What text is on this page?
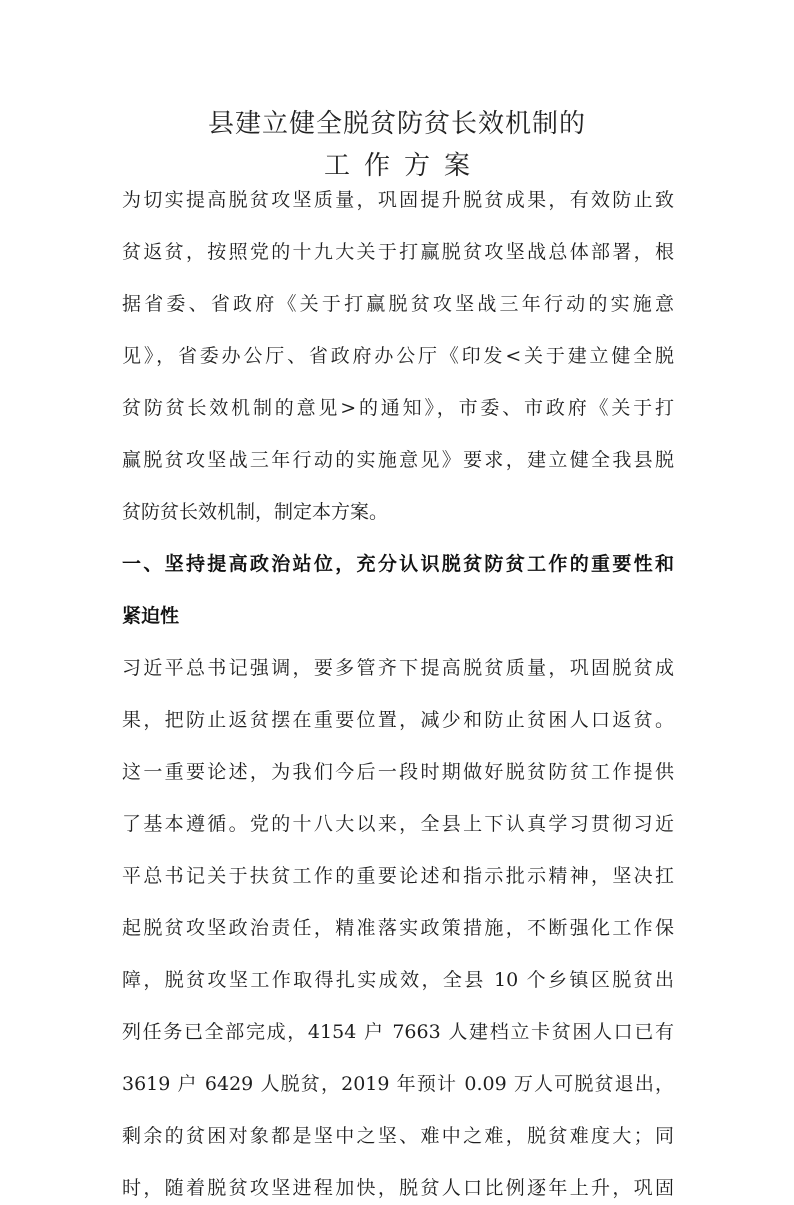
县建立健全脱贫防贫长效机制的
工作方案
为切实提高脱贫攻坚质量，巩固提升脱贫成果，有效防止致
贫返贫，按照党的十九大关于打赢脱贫攻坚战总体部署，根
据省委、省政府《关于打赢脱贫攻坚战三年行动的实施意
见》，省委办公厅、省政府办公厅《印发<关于建立健全脱
贫防贫长效机制的意见>的通知》，市委、市政府《关于打
赢脱贫攻坚战三年行动的实施意见》要求，建立健全我县脱
贫防贫长效机制，制定本方案。
一、坚持提高政治站位，充分认识脱贫防贫工作的重要性和
紧迫性
习近平总书记强调，要多管齐下提高脱贫质量，巩固脱贫成
果，把防止返贫摆在重要位置，减少和防止贫困人口返贫。
这一重要论述，为我们今后一段时期做好脱贫防贫工作提供
了基本遵循。党的十八大以来，全县上下认真学习贯彻习近
平总书记关于扶贫工作的重要论述和指示批示精神，坚决扛
起脱贫攻坚政治责任，精准落实政策措施，不断强化工作保
障，脱贫攻坚工作取得扎实成效，全县 10 个乡镇区脱贫出
列任务已全部完成，4154 户 7663 人建档立卡贫困人口已有
3619 户 6429 人脱贫，2019 年预计 0.09 万人可脱贫退出，
剩余的贫困对象都是坚中之坚、难中之难，脱贫难度大；同
时，随着脱贫攻坚进程加快，脱贫人口比例逐年上升，巩固
